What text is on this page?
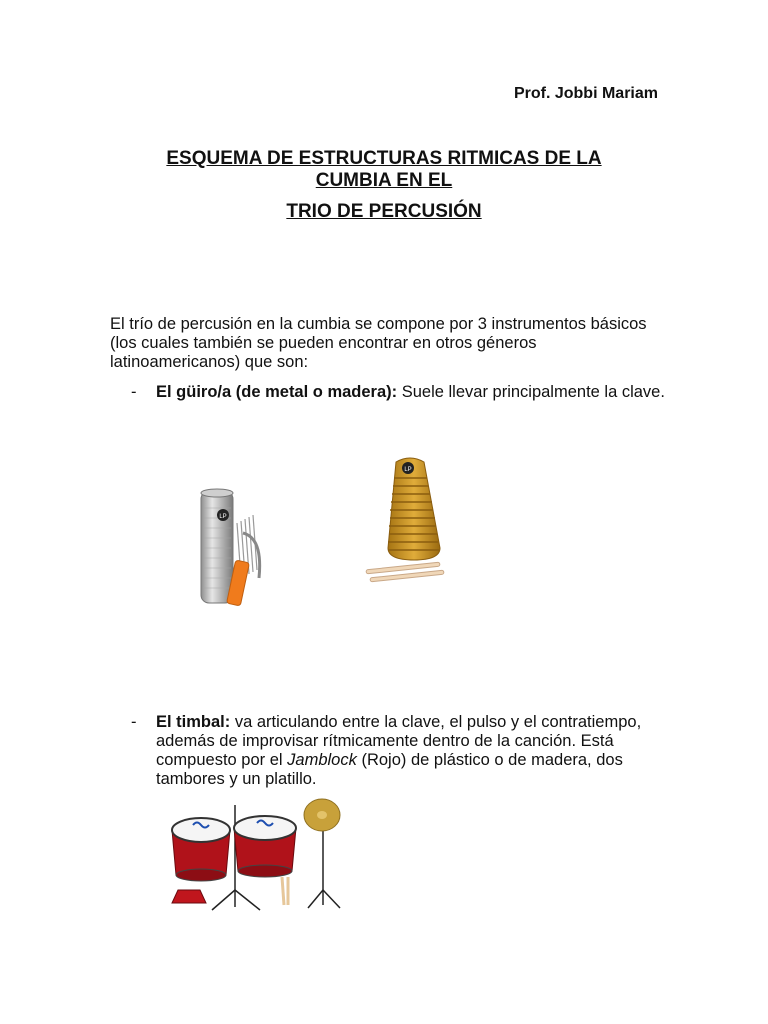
Prof. Jobbi Mariam
ESQUEMA DE ESTRUCTURAS RITMICAS DE LA
CUMBIA EN EL
TRIO DE PERCUSIÓN
El trío de percusión en la cumbia se compone por 3 instrumentos básicos (los cuales también se pueden encontrar en otros géneros latinoamericanos) que son:
- El güiro/a (de metal o madera): Suele llevar principalmente la clave.
LP
LP
- El timbal: va articulando entre la clave, el pulso y el contratiempo, además de improvisar rítmicamente dentro de la canción. Está compuesto por el Jamblock (Rojo) de plástico o de madera, dos tambores y un platillo.
